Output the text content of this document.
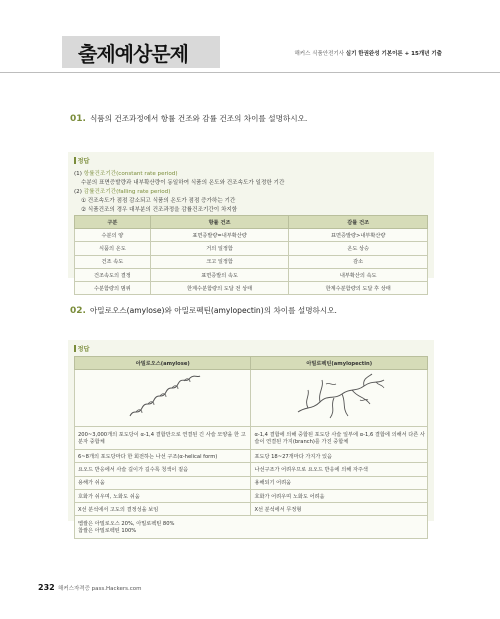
출제예상문제	해커스 식품안전기사 실기 한권완성 기본이론 + 15개년 기출
01. 식품의 건조과정에서 항률 건조와 감률 건조의 차이를 설명하시오.
정답
(1) 항률건조기간(constant rate period)
수분의 표면증발량과 내부확산량이 동일하여 식품의 온도와 건조속도가 일정한 기간
(2) 감률건조기간(falling rate period)
① 건조속도가 점점 감소되고 식품의 온도가 점점 증가하는 기간
② 식품건조의 경우 대부분의 건조과정을 감률건조기간이 차지함
구분	항률 건조	감률 건조
수분의 양	표면증발량=내부확산량	표면증발량>내부확산량
식품의 온도	거의 일정함	온도 상승
건조 속도	크고 일정함	감소
건조속도의 결정	표면증발의 속도	내부확산의 속도
수분함량의 범위	한계수분함량의 도달 전 상태	한계수분함량의 도달 후 상태
02. 아밀로오스(amylose)와 아밀로펙틴(amylopectin)의 차이를 설명하시오.
정답
아밀로오스(amylose)	아밀로펙틴(amylopectin)

200~3,000개의 포도당이 α-1,4 결합만으로 연결된 긴 사슬 모양을 한 고분자 중합체	α-1,4 결합에 의해 중합된 포도당 사슬 일부에 α-1,6 결합에 의해서 다른 사슬이 연결된 가지(branch)를 가진 중합체
6~8개의 포도당마다 한 회전하는 나선 구조(α-helical form)	포도당 18~27개마다 가지가 있음
요오드 반응에서 사슬 길이가 길수록 청색이 짙음	나선구조가 어려우므로 요오드 반응에 의해 자주색
용해가 쉬움	용해되기 어려움
호화가 쉬우며, 노화도 쉬움	호화가 어려우며 노화도 어려움
X선 분석에서 고도의 결정성을 보임	X선 분석에서 무정형

멥쌀은 아밀로오스 20%, 아밀로펙틴 80%
찹쌀은 아밀로펙틴 100%	
232 해커스자격증 pass.Hackers.com
